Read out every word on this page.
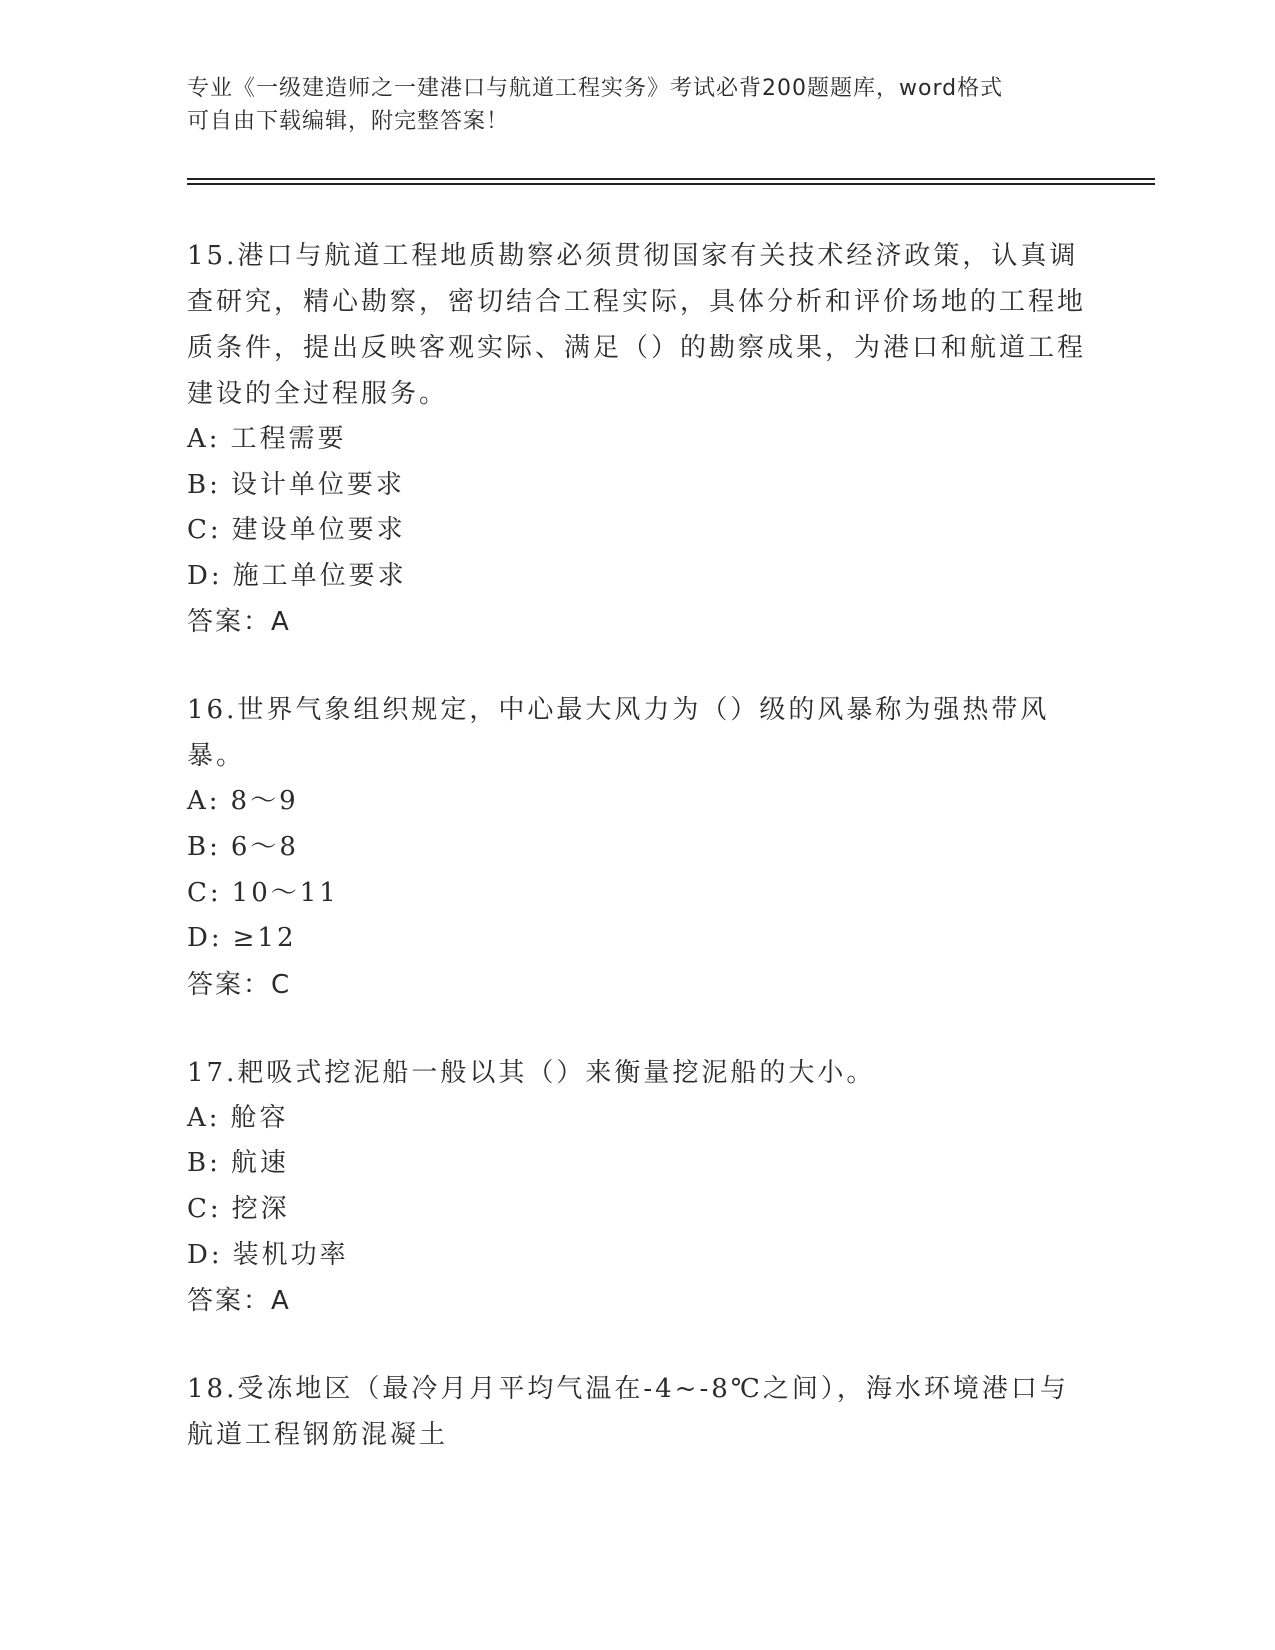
专业《一级建造师之一建港口与航道工程实务》考试必背200题题库，word格式
可自由下载编辑，附完整答案！

15.港口与航道工程地质勘察必须贯彻国家有关技术经济政策，认真调查研究，精心勘察，密切结合工程实际，具体分析和评价场地的工程地质条件，提出反映客观实际、满足（）的勘察成果，为港口和航道工程建设的全过程服务。

A: 工程需要

B: 设计单位要求

C: 建设单位要求

D: 施工单位要求

答案：A

16.世界气象组织规定，中心最大风力为（）级的风暴称为强热带风暴。

A: 8～9

B: 6～8

C: 10～11

D: ≥12

答案：C

17.耙吸式挖泥船一般以其（）来衡量挖泥船的大小。

A: 舱容

B: 航速

C: 挖深

D: 装机功率

答案：A

18.受冻地区（最冷月月平均气温在-4~-8℃之间），海水环境港口与航道工程钢筋混凝土
